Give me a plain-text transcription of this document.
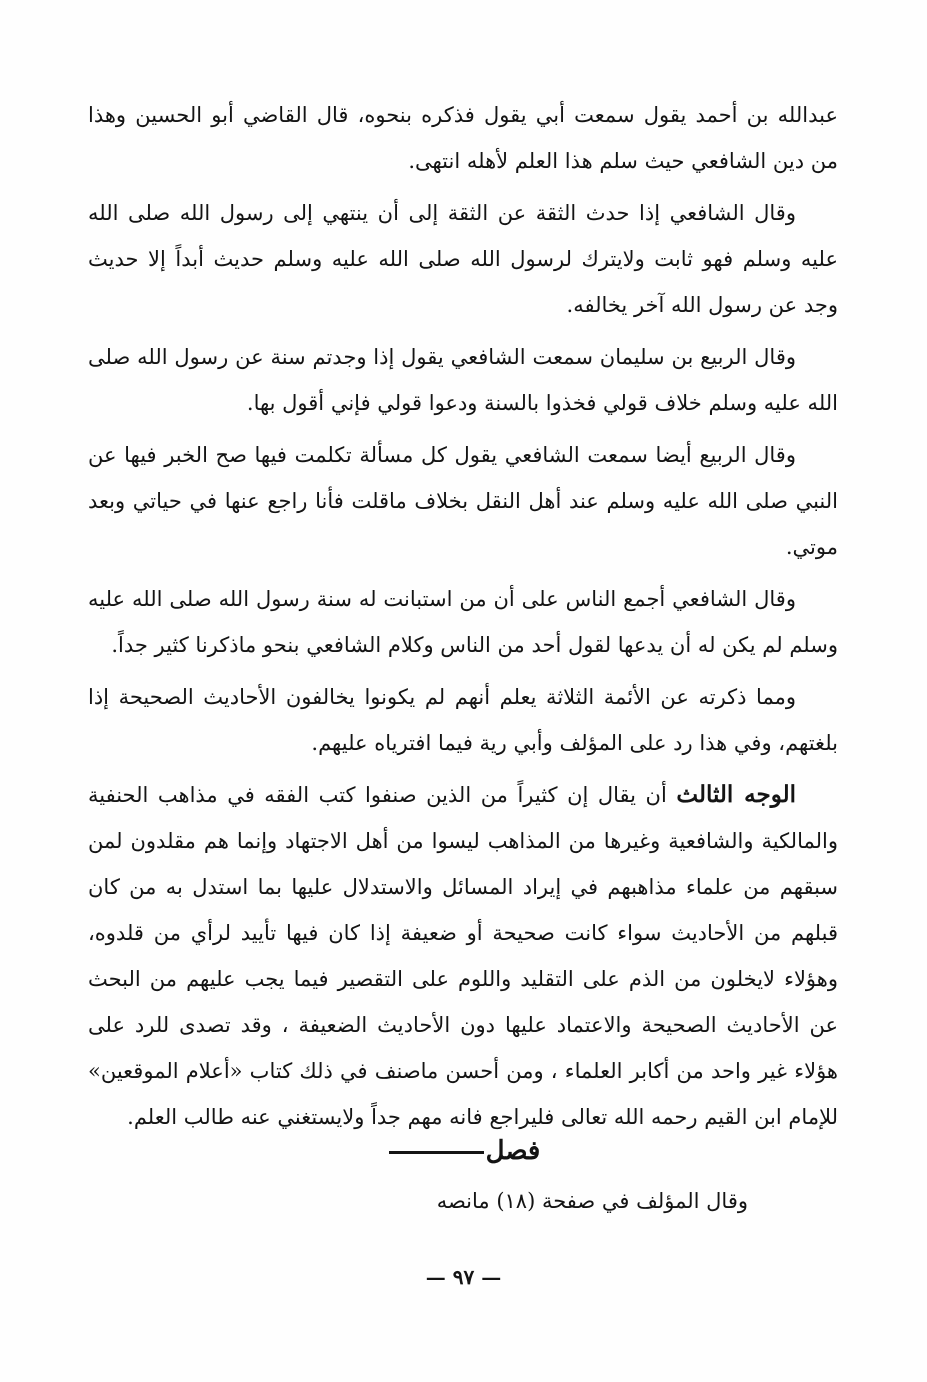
عبدالله بن أحمد يقول سمعت أبي يقول فذكره بنحوه، قال القاضي أبو الحسين وهذا من دين الشافعي حيث سلم هذا العلم لأهله انتهى.

وقال الشافعي إذا حدث الثقة عن الثقة إلى أن ينتهي إلى رسول الله صلى الله عليه وسلم فهو ثابت ولايترك لرسول الله صلى الله عليه وسلم حديث أبداً إلا حديث وجد عن رسول الله آخر يخالفه.

وقال الربيع بن سليمان سمعت الشافعي يقول إذا وجدتم سنة عن رسول الله صلى الله عليه وسلم خلاف قولي فخذوا بالسنة ودعوا قولي فإني أقول بها.

وقال الربيع أيضا سمعت الشافعي يقول كل مسألة تكلمت فيها صح الخبر فيها عن النبي صلى الله عليه وسلم عند أهل النقل بخلاف ماقلت فأنا راجع عنها في حياتي وبعد موتي.

وقال الشافعي أجمع الناس على أن من استبانت له سنة رسول الله صلى الله عليه وسلم لم يكن له أن يدعها لقول أحد من الناس وكلام الشافعي بنحو ماذكرنا كثير جداً.

ومما ذكرته عن الأئمة الثلاثة يعلم أنهم لم يكونوا يخالفون الأحاديث الصحيحة إذا بلغتهم، وفي هذا رد على المؤلف وأبي رية فيما افترياه عليهم.

الوجه الثالث أن يقال إن كثيراً من الذين صنفوا كتب الفقه في مذاهب الحنفية والمالكية والشافعية وغيرها من المذاهب ليسوا من أهل الاجتهاد وإنما هم مقلدون لمن سبقهم من علماء مذاهبهم في إيراد المسائل والاستدلال عليها بما استدل به من كان قبلهم من الأحاديث سواء كانت صحيحة أو ضعيفة إذا كان فيها تأييد لرأي من قلدوه، وهؤلاء لايخلون من الذم على التقليد واللوم على التقصير فيما يجب عليهم من البحث عن الأحاديث الصحيحة والاعتماد عليها دون الأحاديث الضعيفة ، وقد تصدى للرد على هؤلاء غير واحد من أكابر العلماء ، ومن أحسن ماصنف في ذلك كتاب «أعلام الموقعين» للإمام ابن القيم رحمه الله تعالى فليراجع فانه مهم جداً ولايستغني عنه طالب العلم.

فصل
وقال المؤلف في صفحة (١٨) مانصه
— ٩٧ —
